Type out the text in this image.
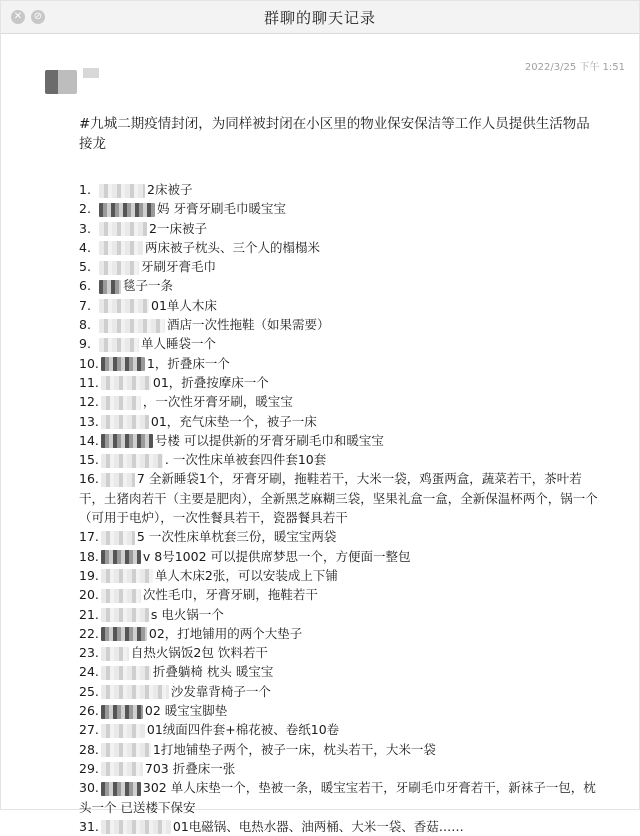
✕ ⊘	群聊的聊天记录
2022/3/25 下午 1:51

#九城二期疫情封闭，为同样被封闭在小区里的物业保安保洁等工作人员提供生活物品接龙

1.	2床被子
2.	妈 牙膏牙刷毛巾暖宝宝
3.	2一床被子
4.	两床被子枕头、三个人的榻榻米
5.	牙刷牙膏毛巾
6.	毯子一条
7.	01单人木床
8.	酒店一次性拖鞋（如果需要）
9.	单人睡袋一个
10.	1，折叠床一个
11.	01，折叠按摩床一个
12.	，一次性牙膏牙刷，暖宝宝
13.	01，充气床垫一个，被子一床
14.	号楼 可以提供新的牙膏牙刷毛巾和暖宝宝
15.	. 一次性床单被套四件套10套
16.	7 全新睡袋1个，牙膏牙刷，拖鞋若干，大米一袋，鸡蛋两盒，蔬菜若干，茶叶若干，土猪肉若干（主要是肥肉），全新黑芝麻糊三袋，坚果礼盒一盒，全新保温杯两个，锅一个（可用于电炉），一次性餐具若干，瓷器餐具若干
17.	5 一次性床单枕套三份，暖宝宝两袋
18.	v 8号1002 可以提供席梦思一个，方便面一整包
19.	单人木床2张，可以安装成上下铺
20.	次性毛巾，牙膏牙刷，拖鞋若干
21.	s 电火锅一个
22.	02，打地铺用的两个大垫子
23.	自热火锅饭2包 饮料若干
24.	折叠躺椅 枕头 暖宝宝
25.	沙发靠背椅子一个
26.	02 暖宝宝脚垫
27.	01绒面四件套+棉花被、卷纸10卷
28.	1打地铺垫子两个，被子一床，枕头若干，大米一袋
29.	703 折叠床一张
30.	302 单人床垫一个，垫被一条，暖宝宝若干，牙刷毛巾牙膏若干，新袜子一包，枕头一个 已送楼下保安
31.	01电磁锅、电热水器、油两桶、大米一袋、香菇……
